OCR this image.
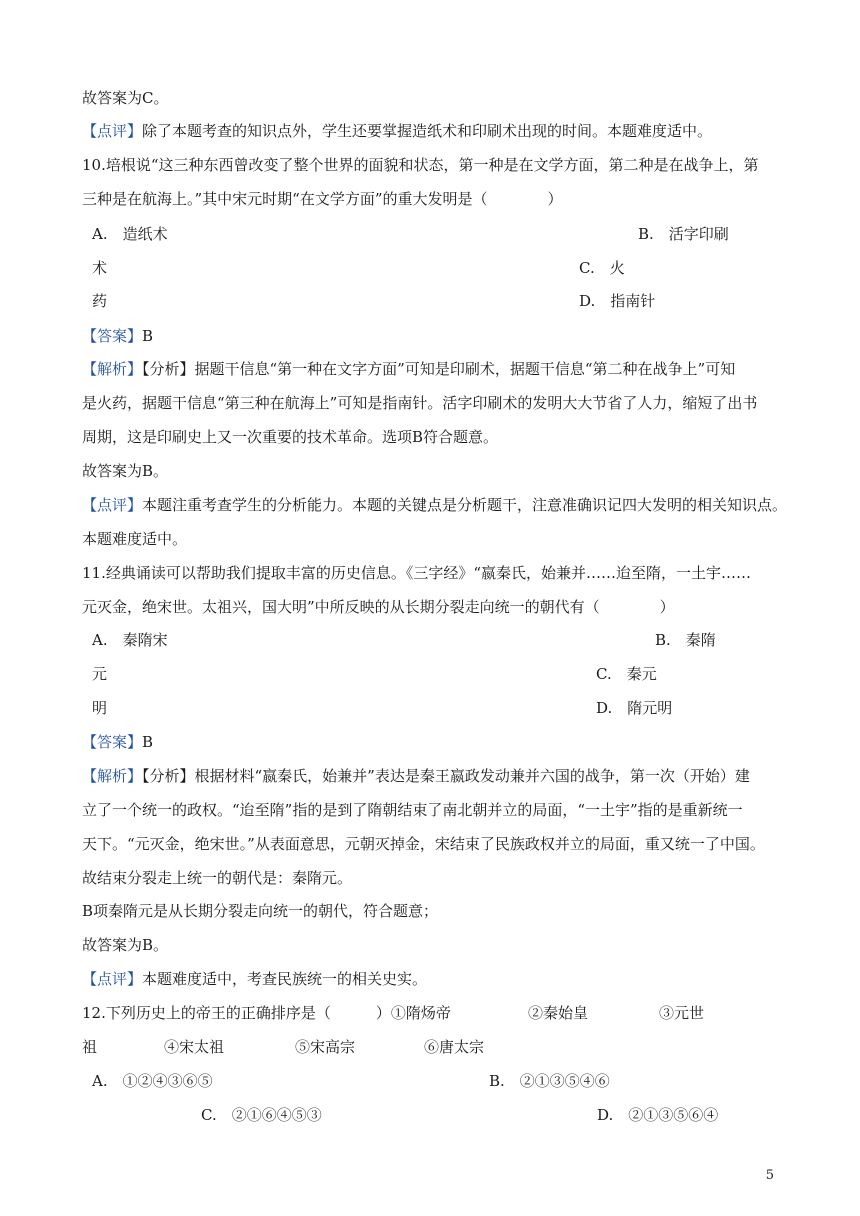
故答案为C。
【点评】除了本题考查的知识点外，学生还要掌握造纸术和印刷术出现的时间。本题难度适中。
10.培根说“这三种东西曾改变了整个世界的面貌和状态，第一种是在文学方面，第二种是在战争上，第
三种是在航海上。”其中宋元时期“在文学方面”的重大发明是（　　　　）
A.　造纸术	B.　活字印刷
术	C.　火
药	D.　指南针
【答案】B
【解析】【分析】据题干信息“第一种在文字方面”可知是印刷术，据题干信息“第二种在战争上”可知
是火药，据题干信息“第三种在航海上”可知是指南针。活字印刷术的发明大大节省了人力，缩短了出书
周期，这是印刷史上又一次重要的技术革命。选项B符合题意。
故答案为B。
【点评】本题注重考查学生的分析能力。本题的关键点是分析题干，注意准确识记四大发明的相关知识点。
本题难度适中。
11.经典诵读可以帮助我们提取丰富的历史信息。《三字经》“嬴秦氏，始兼并……迨至隋，一土宇……
元灭金，绝宋世。太祖兴，国大明”中所反映的从长期分裂走向统一的朝代有（　　　　）
A.　秦隋宋	B.　秦隋
元	C.　秦元
明	D.　隋元明
【答案】B
【解析】【分析】根据材料“嬴秦氏，始兼并”表达是秦王嬴政发动兼并六国的战争，第一次（开始）建
立了一个统一的政权。“迨至隋”指的是到了隋朝结束了南北朝并立的局面，“一土宇”指的是重新统一
天下。“元灭金，绝宋世。”从表面意思，元朝灭掉金，宋结束了民族政权并立的局面，重又统一了中国。
故结束分裂走上统一的朝代是：秦隋元。
B项秦隋元是从长期分裂走向统一的朝代，符合题意；
故答案为B。
【点评】本题难度适中，考查民族统一的相关史实。
12.下列历史上的帝王的正确排序是（　　　）①隋炀帝	②秦始皇	③元世
祖	④宋太祖	⑤宋高宗	⑥唐太宗
A.　①②④③⑥⑤	B.　②①③⑤④⑥
C.　②①⑥④⑤③	D.　②①③⑤⑥④
5
